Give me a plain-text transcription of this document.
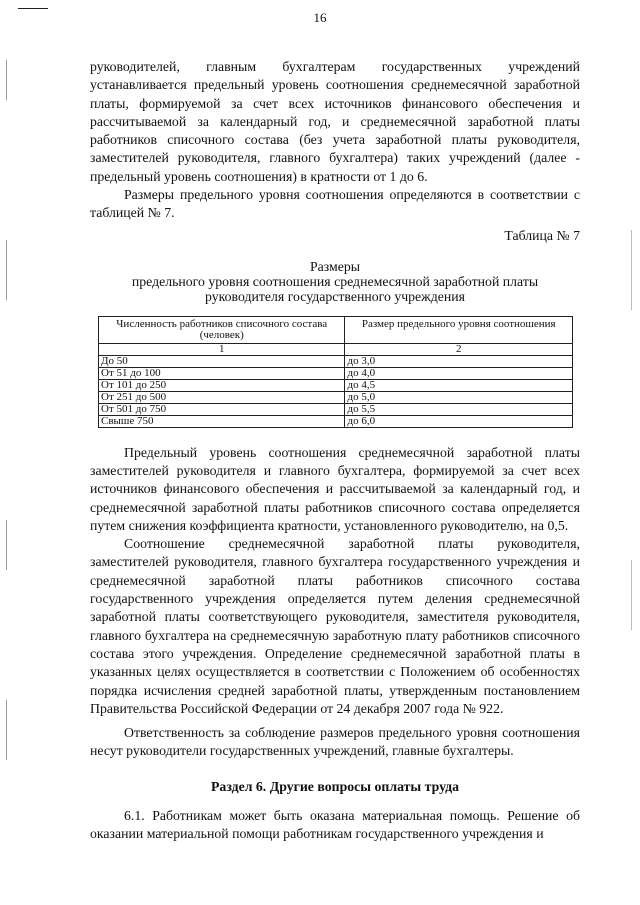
16

руководителей, главным бухгалтерам государственных учреждений устанавливается предельный уровень соотношения среднемесячной заработной платы, формируемой за счет всех источников финансового обеспечения и рассчитываемой за календарный год, и среднемесячной заработной платы работников списочного состава (без учета заработной платы руководителя, заместителей руководителя, главного бухгалтера) таких учреждений (далее - предельный уровень соотношения) в кратности от 1 до 6.

Размеры предельного уровня соотношения определяются в соответствии с таблицей № 7.

Таблица № 7
Размеры
предельного уровня соотношения среднемесячной заработной платы
руководителя государственного учреждения
Численность работников списочного состава (человек)	Размер предельного уровня соотношения
1	2
До 50	до 3,0
От 51 до 100	до 4,0
От 101 до 250	до 4,5
От 251 до 500	до 5,0
От 501 до 750	до 5,5
Свыше 750	до 6,0

Предельный уровень соотношения среднемесячной заработной платы заместителей руководителя и главного бухгалтера, формируемой за счет всех источников финансового обеспечения и рассчитываемой за календарный год, и среднемесячной заработной платы работников списочного состава определяется путем снижения коэффициента кратности, установленного руководителю, на 0,5.

Соотношение среднемесячной заработной платы руководителя, заместителей руководителя, главного бухгалтера государственного учреждения и среднемесячной заработной платы работников списочного состава государственного учреждения определяется путем деления среднемесячной заработной платы соответствующего руководителя, заместителя руководителя, главного бухгалтера на среднемесячную заработную плату работников списочного состава этого учреждения. Определение среднемесячной заработной платы в указанных целях осуществляется в соответствии с Положением об особенностях порядка исчисления средней заработной платы, утвержденным постановлением Правительства Российской Федерации от 24 декабря 2007 года № 922.

Ответственность за соблюдение размеров предельного уровня соотношения несут руководители государственных учреждений, главные бухгалтеры.

Раздел 6. Другие вопросы оплаты труда

6.1. Работникам может быть оказана материальная помощь. Решение об оказании материальной помощи работникам государственного учреждения и
